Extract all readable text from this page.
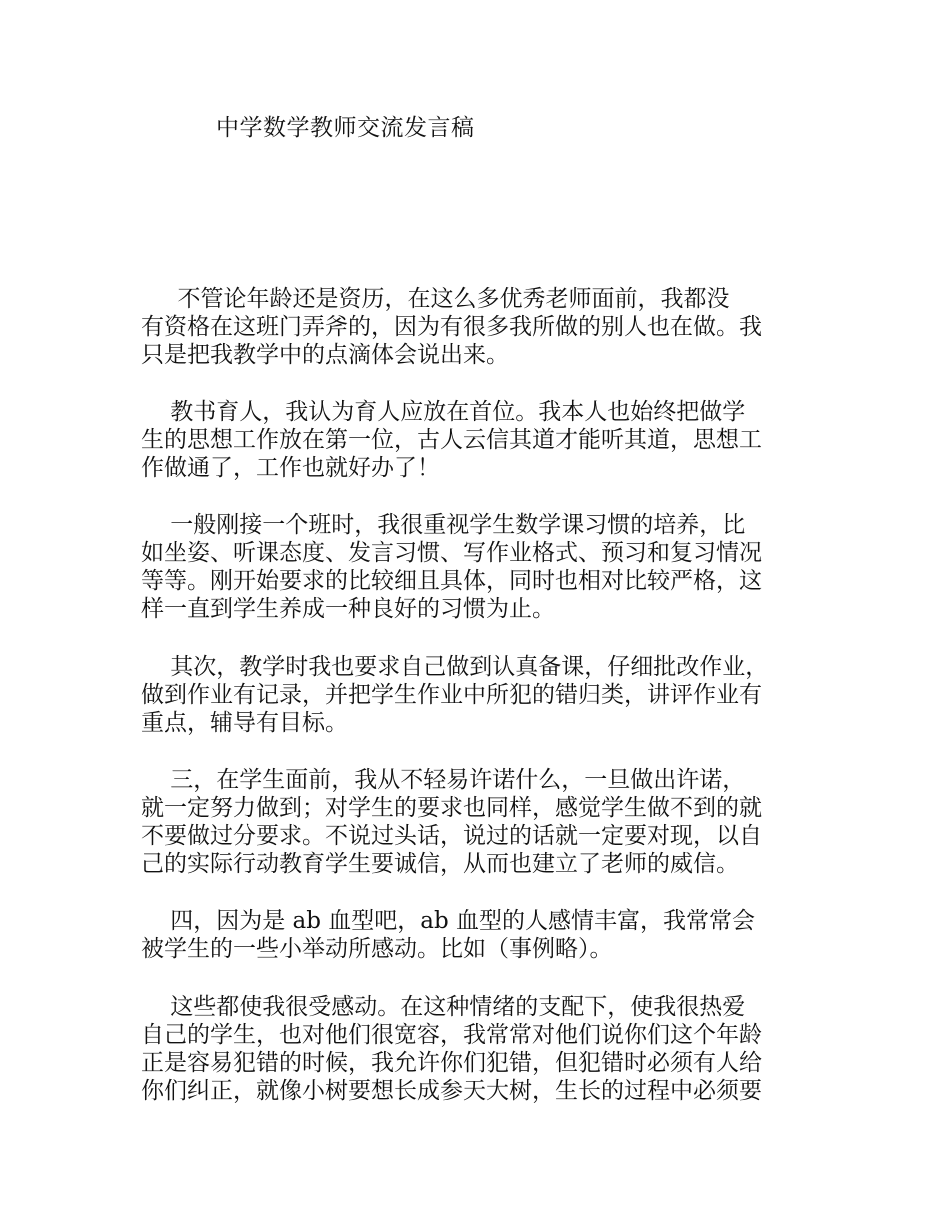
中学数学教师交流发言稿
不管论年龄还是资历，在这么多优秀老师面前，我都没
有资格在这班门弄斧的，因为有很多我所做的别人也在做。我
只是把我教学中的点滴体会说出来。
教书育人，我认为育人应放在首位。我本人也始终把做学
生的思想工作放在第一位，古人云信其道才能听其道，思想工
作做通了，工作也就好办了！
一般刚接一个班时，我很重视学生数学课习惯的培养，比
如坐姿、听课态度、发言习惯、写作业格式、预习和复习情况
等等。刚开始要求的比较细且具体，同时也相对比较严格，这
样一直到学生养成一种良好的习惯为止。
其次，教学时我也要求自己做到认真备课，仔细批改作业，
做到作业有记录，并把学生作业中所犯的错归类，讲评作业有
重点，辅导有目标。
三，在学生面前，我从不轻易许诺什么，一旦做出许诺，
就一定努力做到；对学生的要求也同样，感觉学生做不到的就
不要做过分要求。不说过头话，说过的话就一定要对现，以自
己的实际行动教育学生要诚信，从而也建立了老师的威信。
四，因为是 ab 血型吧，ab 血型的人感情丰富，我常常会
被学生的一些小举动所感动。比如（事例略）。
这些都使我很受感动。在这种情绪的支配下，使我很热爱
自己的学生，也对他们很宽容，我常常对他们说你们这个年龄
正是容易犯错的时候，我允许你们犯错，但犯错时必须有人给
你们纠正，就像小树要想长成参天大树，生长的过程中必须要
